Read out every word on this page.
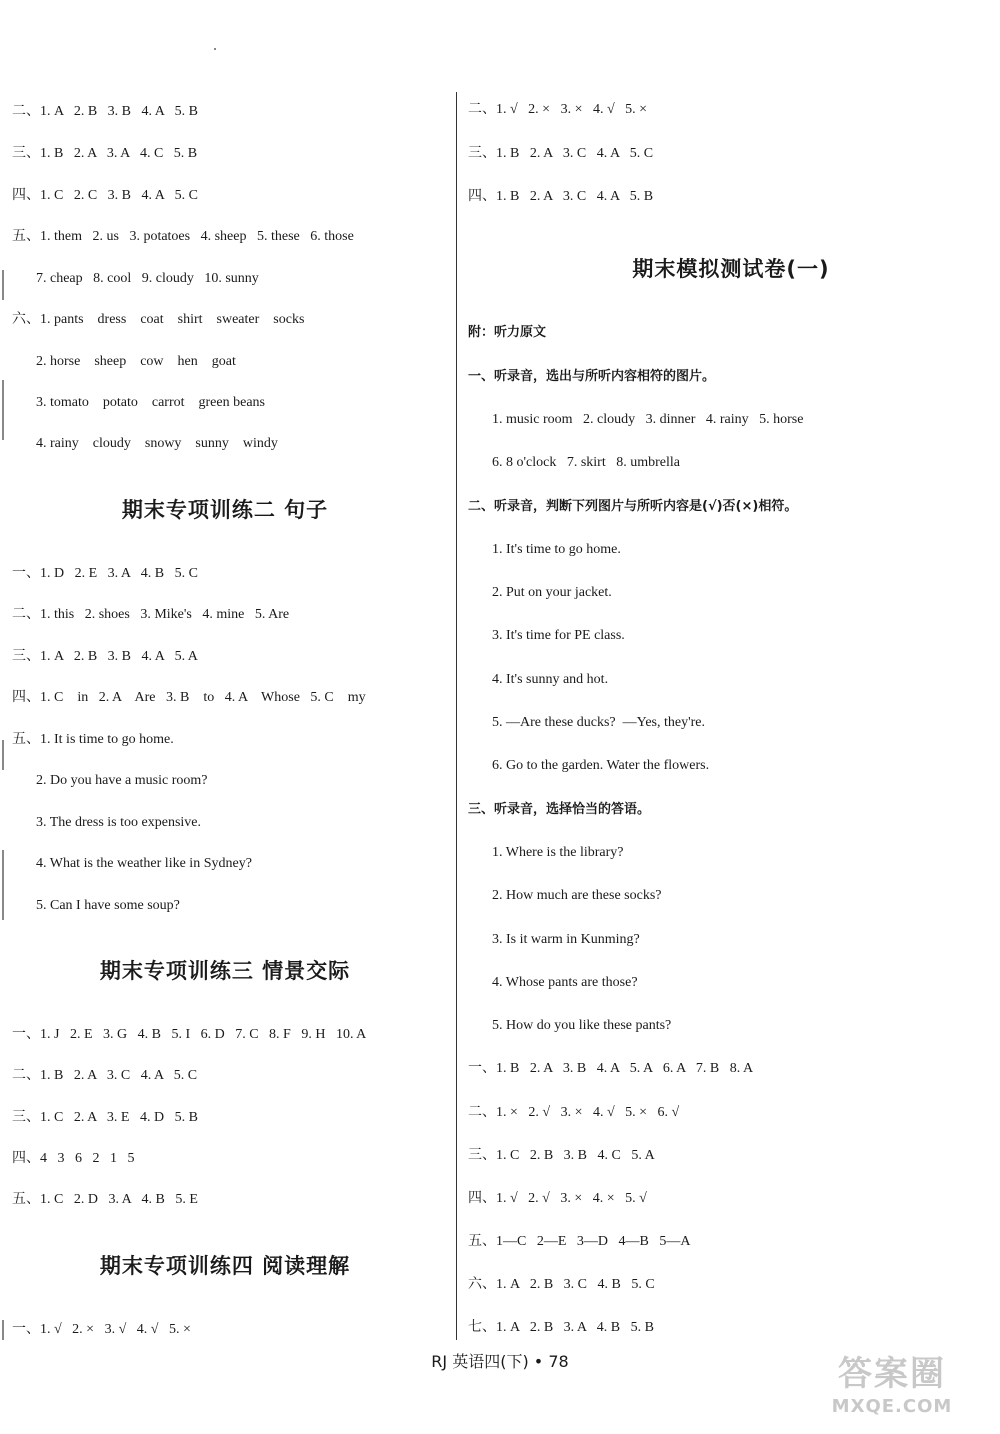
二、1. A   2. B   3. B   4. A   5. B
三、1. B   2. A   3. A   4. C   5. B
四、1. C   2. C   3. B   4. A   5. C
五、1. them   2. us   3. potatoes   4. sheep   5. these   6. those
7. cheap   8. cool   9. cloudy   10. sunny
六、1. pants    dress    coat    shirt    sweater    socks
2. horse    sheep    cow    hen    goat
3. tomato    potato    carrot    green beans
4. rainy    cloudy    snowy    sunny    windy
一、1. D   2. E   3. A   4. B   5. C
二、1. this   2. shoes   3. Mike's   4. mine   5. Are
三、1. A   2. B   3. B   4. A   5. A
四、1. C    in   2. A    Are   3. B    to   4. A    Whose   5. C    my
五、1. It is time to go home.
2. Do you have a music room?
3. The dress is too expensive.
4. What is the weather like in Sydney?
5. Can I have some soup?
一、1. J   2. E   3. G   4. B   5. I   6. D   7. C   8. F   9. H   10. A
二、1. B   2. A   3. C   4. A   5. C
三、1. C   2. A   3. E   4. D   5. B
四、4   3   6   2   1   5
五、1. C   2. D   3. A   4. B   5. E
一、1. √   2. ×   3. √   4. √   5. ×
期末专项训练二 句子
期末专项训练三 情景交际
期末专项训练四 阅读理解
二、1. √   2. ×   3. ×   4. √   5. ×
三、1. B   2. A   3. C   4. A   5. C
四、1. B   2. A   3. C   4. A   5. B
1. music room   2. cloudy   3. dinner   4. rainy   5. horse
6. 8 o'clock   7. skirt   8. umbrella
1. It's time to go home.
2. Put on your jacket.
3. It's time for PE class.
4. It's sunny and hot.
5. —Are these ducks?  —Yes, they're.
6. Go to the garden. Water the flowers.
1. Where is the library?
2. How much are these socks?
3. Is it warm in Kunming?
4. Whose pants are those?
5. How do you like these pants?
一、1. B   2. A   3. B   4. A   5. A   6. A   7. B   8. A
二、1. ×   2. √   3. ×   4. √   5. ×   6. √
三、1. C   2. B   3. B   4. C   5. A
四、1. √   2. √   3. ×   4. ×   5. √
五、1—C   2—E   3—D   4—B   5—A
六、1. A   2. B   3. C   4. B   5. C
七、1. A   2. B   3. A   4. B   5. B
附：听力原文
一、听录音，选出与所听内容相符的图片。
二、听录音，判断下列图片与所听内容是(√)否(×)相符。
三、听录音，选择恰当的答语。
期末模拟测试卷(一)
RJ 英语四(下) • 78	答案圈
MXQE.COM
